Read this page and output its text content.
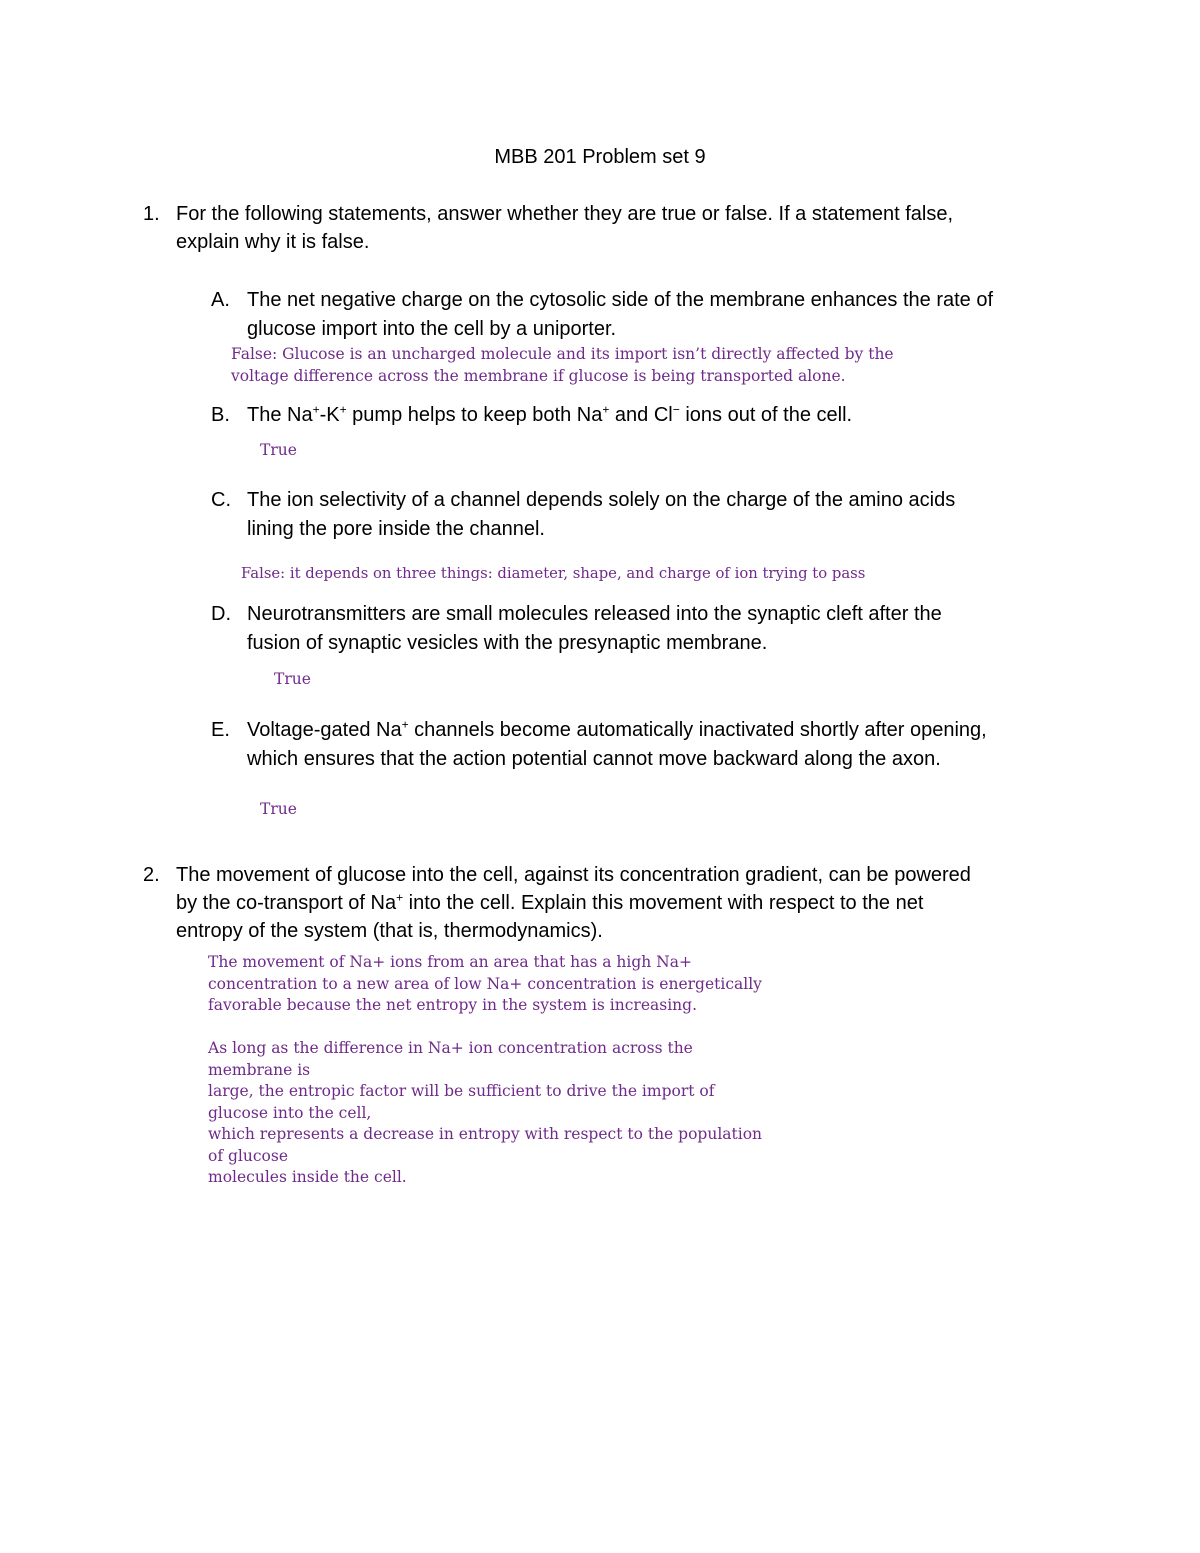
MBB 201 Problem set 9
1. For the following statements, answer whether they are true or false. If a statement false,
explain why it is false.
A. The net negative charge on the cytosolic side of the membrane enhances the rate of
glucose import into the cell by a uniporter.
False: Glucose is an uncharged molecule and its import isn’t directly affected by the
voltage difference across the membrane if glucose is being transported alone.
B. The Na+-K+ pump helps to keep both Na+ and Cl− ions out of the cell.
True
C. The ion selectivity of a channel depends solely on the charge of the amino acids
lining the pore inside the channel.
False: it depends on three things: diameter, shape, and charge of ion trying to pass
D. Neurotransmitters are small molecules released into the synaptic cleft after the
fusion of synaptic vesicles with the presynaptic membrane.
True
E. Voltage-gated Na+ channels become automatically inactivated shortly after opening,
which ensures that the action potential cannot move backward along the axon.
True
2. The movement of glucose into the cell, against its concentration gradient, can be powered
by the co-transport of Na+ into the cell. Explain this movement with respect to the net
entropy of the system (that is, thermodynamics).
The movement of Na+ ions from an area that has a high Na+
concentration to a new area of low Na+ concentration is energetically
favorable because the net entropy in the system is increasing.
As long as the difference in Na+ ion concentration across the
membrane is
large, the entropic factor will be sufficient to drive the import of
glucose into the cell,
which represents a decrease in entropy with respect to the population
of glucose
molecules inside the cell.
